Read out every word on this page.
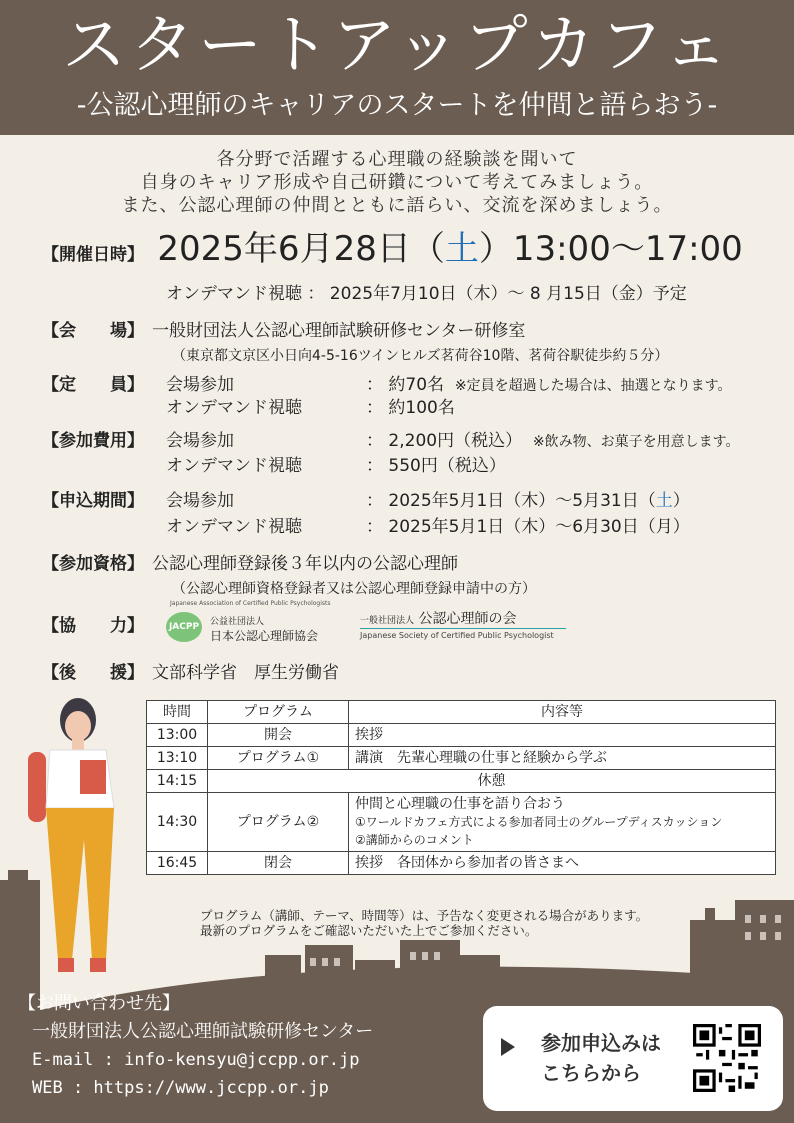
スタートアップカフェ
-公認心理師のキャリアのスタートを仲間と語らおう-
各分野で活躍する心理職の経験談を聞いて
自身のキャリア形成や自己研鑽について考えてみましょう。
また、公認心理師の仲間とともに語らい、交流を深めましょう。
【開催日時】 2025年6月28日（土）13:00〜17:00
オンデマンド視聴 ： 2025年7月10日（木）〜 8 月15日（金）予定
【会　　場】 一般財団法人公認心理師試験研修センター研修室
（東京都文京区小日向4-5-16ツインヒルズ茗荷谷10階、茗荷谷駅徒歩約５分）
【定　　員】 会場参加	： 約70名 ※定員を超過した場合は、抽選となります。
オンデマンド視聴	： 約100名
【参加費用】 会場参加	： 2,200円（税込） ※飲み物、お菓子を用意します。
オンデマンド視聴	： 550円（税込）
【申込期間】 会場参加	： 2025年5月1日（木）〜5月31日（土）
オンデマンド視聴	： 2025年5月1日（木）〜6月30日（月）
【参加資格】 公認心理師登録後３年以内の公認心理師
（公認心理師資格登録者又は公認心理師登録申請中の方）
【協　　力】
Japanese Association of Certified Public Psychologists
JACPP	公益社団法人
日本公認心理師協会
一般社団法人 公認心理師の会
Japanese Society of Certified Public Psychologist
【後　　援】 文部科学省　厚生労働省
時間	プログラム	内容等
13:00	開会	挨拶
13:10	プログラム①	講演　先輩心理職の仕事と経験から学ぶ
14:15	休憩	
14:30	プログラム②	仲間と心理職の仕事を語り合おう
①ワールドカフェ方式による参加者同士のグループディスカッション
②講師からのコメント

16:45	閉会	挨拶　各団体から参加者の皆さまへ
プログラム（講師、テーマ、時間等）は、予告なく変更される場合があります。
最新のプログラムをご確認いただいた上でご参加ください。
【お問い合わせ先】
一般財団法人公認心理師試験研修センター
E-mail : info-kensyu@jccpp.or.jp
WEB : https://www.jccpp.or.jp
参加申込みは
こちらから
